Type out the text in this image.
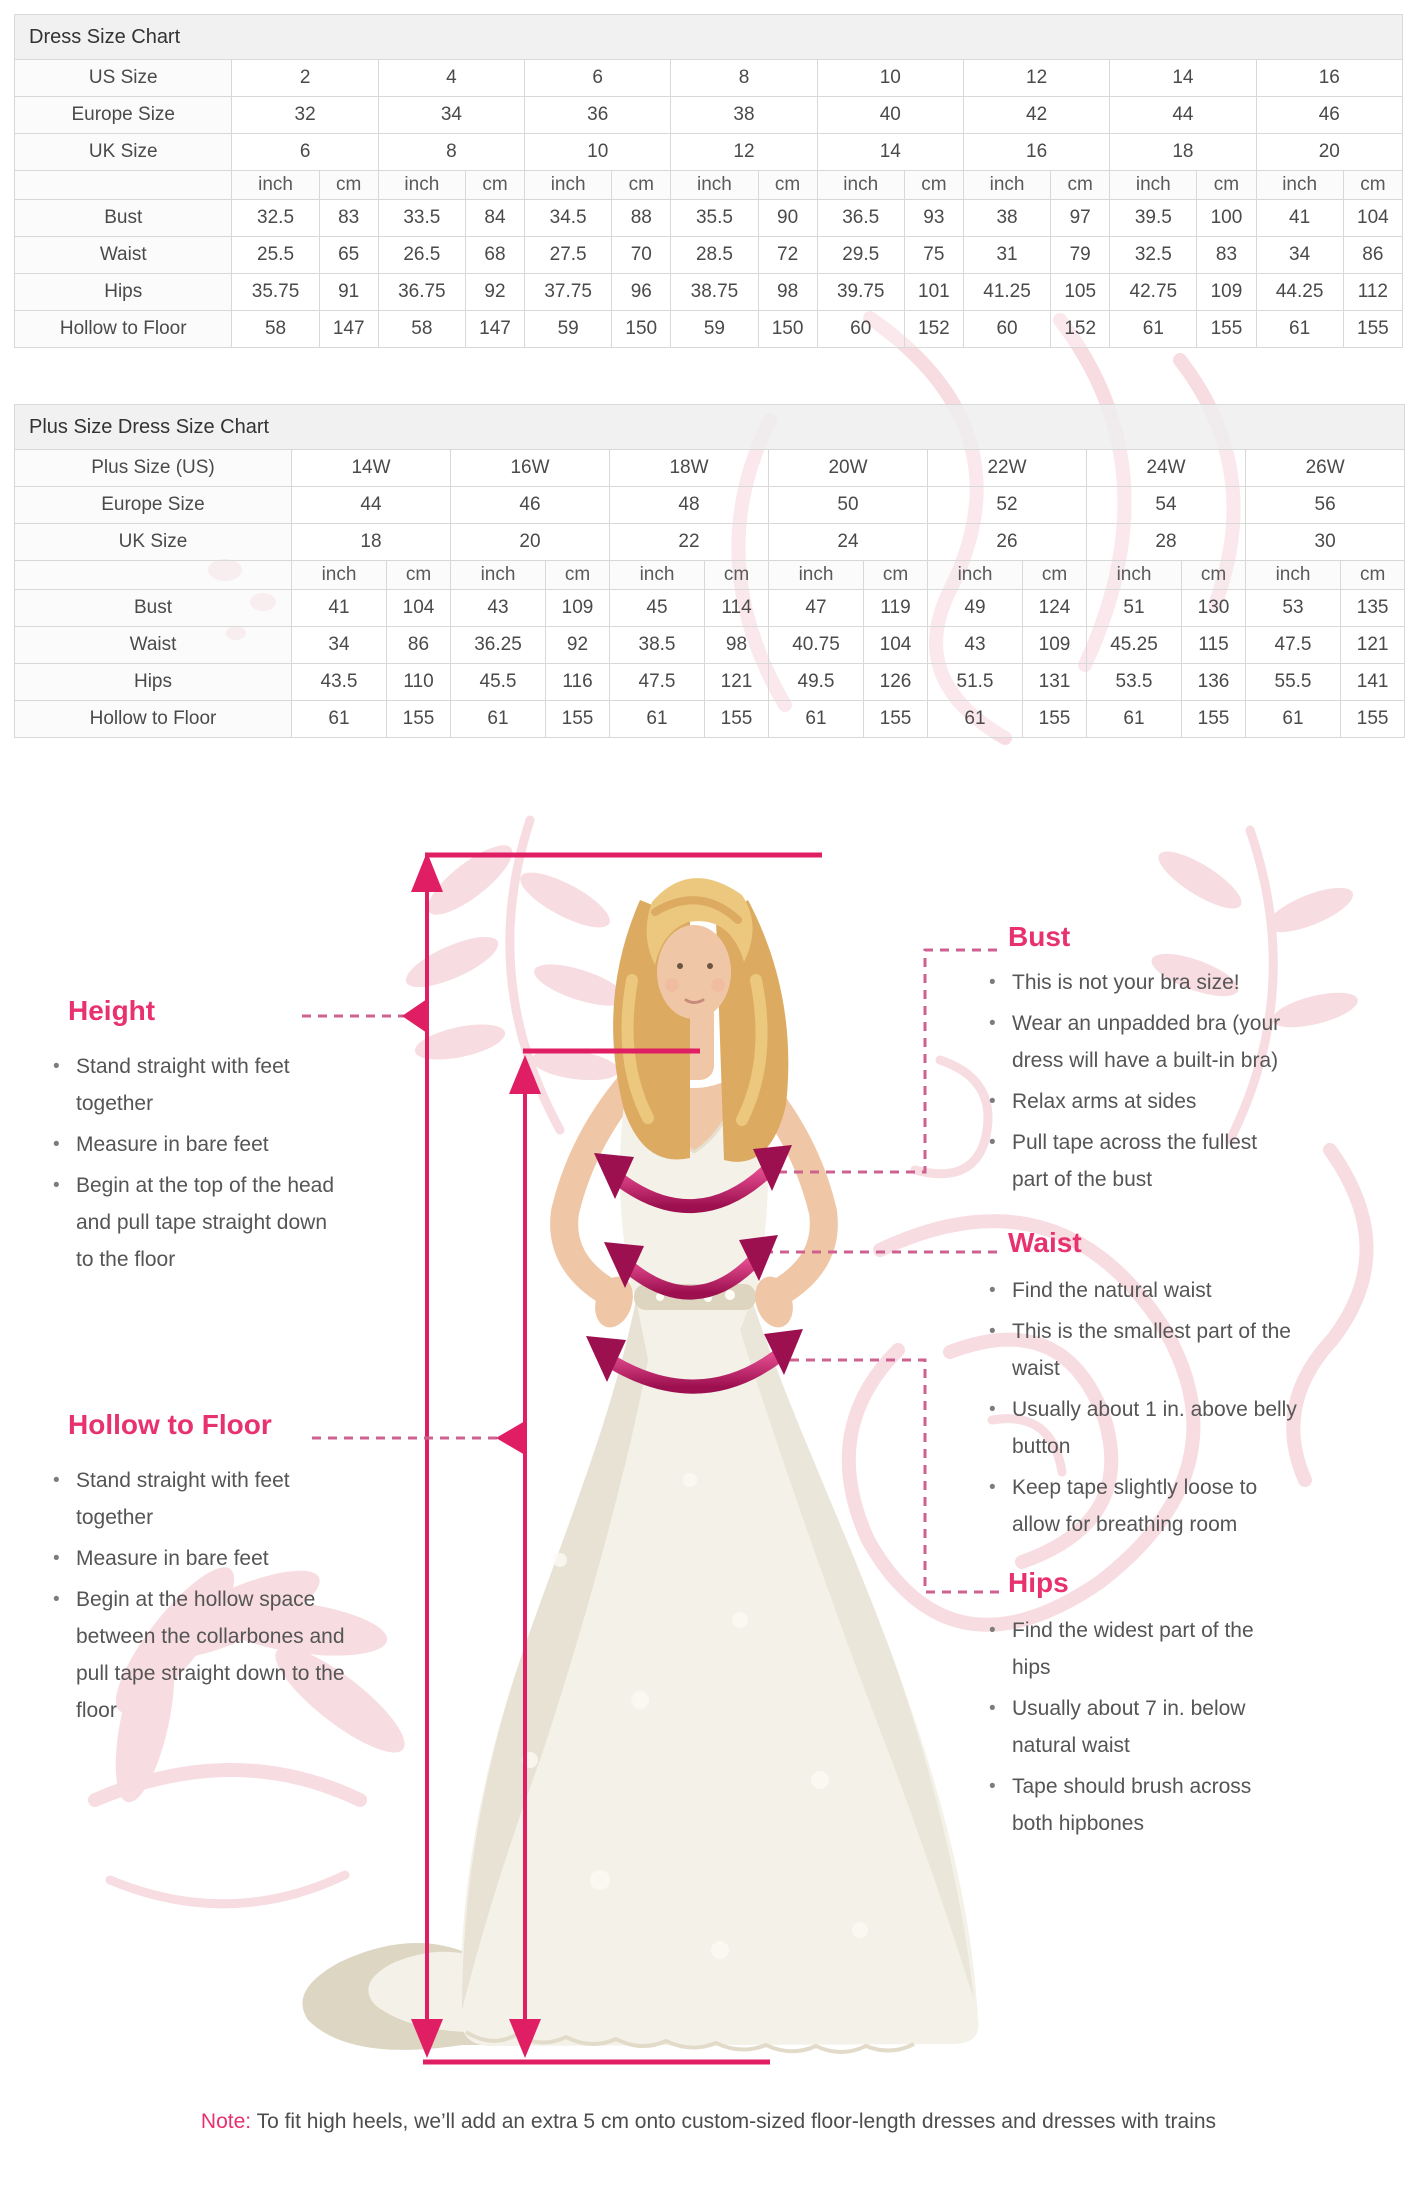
Dress Size Chart																
US Size	2		4		6		8		10		12		14		16	
Europe Size	32		34		36		38		40		42		44		46	
UK Size	6		8		10		12		14		16		18		20	
	inch	cm	inch	cm	inch	cm	inch	cm	inch	cm	inch	cm	inch	cm	inch	cm
Bust	32.5	83	33.5	84	34.5	88	35.5	90	36.5	93	38	97	39.5	100	41	104
Waist	25.5	65	26.5	68	27.5	70	28.5	72	29.5	75	31	79	32.5	83	34	86
Hips	35.75	91	36.75	92	37.75	96	38.75	98	39.75	101	41.25	105	42.75	109	44.25	112
Hollow to Floor	58	147	58	147	59	150	59	150	60	152	60	152	61	155	61	155
Plus Size Dress Size Chart														
Plus Size (US)	14W		16W		18W		20W		22W		24W		26W	
Europe Size	44		46		48		50		52		54		56	
UK Size	18		20		22		24		26		28		30	
	inch	cm	inch	cm	inch	cm	inch	cm	inch	cm	inch	cm	inch	cm
Bust	41	104	43	109	45	114	47	119	49	124	51	130	53	135
Waist	34	86	36.25	92	38.5	98	40.75	104	43	109	45.25	115	47.5	121
Hips	43.5	110	45.5	116	47.5	121	49.5	126	51.5	131	53.5	136	55.5	141
Hollow to Floor	61	155	61	155	61	155	61	155	61	155	61	155	61	155
Height
• Stand straight with feet together
• Measure in bare feet
• Begin at the top of the head and pull tape straight down to the floor
Hollow to Floor
• Stand straight with feet together
• Measure in bare feet
• Begin at the hollow space between the collarbones and pull tape straight down to the floor
Bust
• This is not your bra size!
• Wear an unpadded bra (your dress will have a built-in bra)
• Relax arms at sides
• Pull tape across the fullest part of the bust
Waist
• Find the natural waist
• This is the smallest part of the waist
• Usually about 1 in. above belly button
• Keep tape slightly loose to allow for breathing room
Hips
• Find the widest part of the hips
• Usually about 7 in. below natural waist
• Tape should brush across both hipbones
Note: To fit high heels, we’ll add an extra 5 cm onto custom-sized floor-length dresses and dresses with trains
